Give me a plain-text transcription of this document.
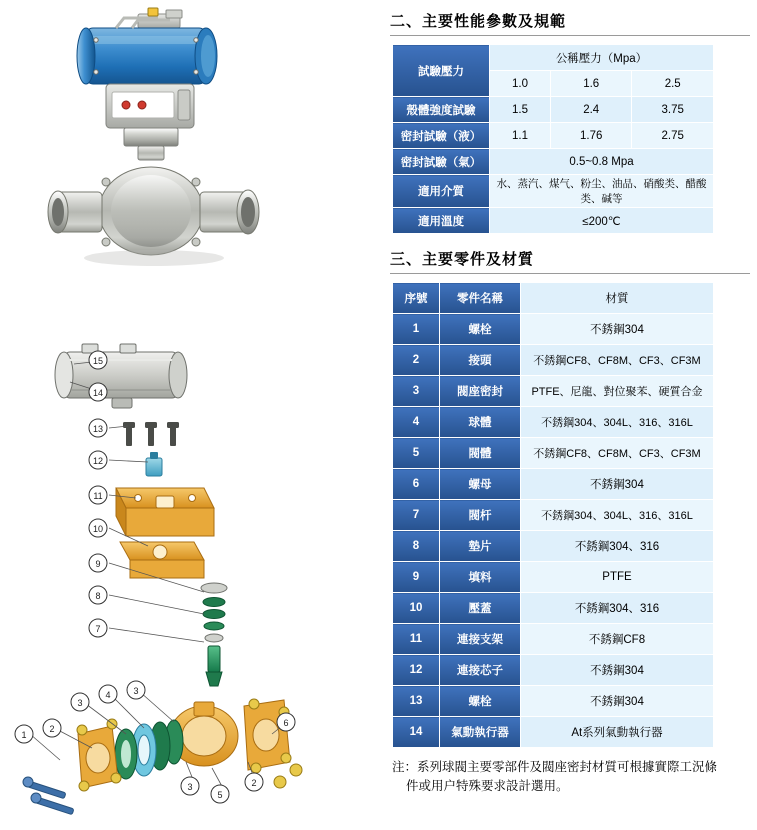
15
14
13
12
11
10
9
8
7
1
2
3
4	3
3
5
2
6
二、主要性能參數及規範
試驗壓力	公稱壓力（Mpa）		
	1.0	1.6	2.5
殼體強度試驗	1.5	2.4	3.75
密封試驗（液）	1.1	1.76	2.75
密封試驗（氣）	0.5~0.8 Mpa		
適用介質	水、蒸汽、煤气、粉尘、油品、硝酸类、醋酸类、碱等		
適用溫度	≤200℃		
三、主要零件及材質
序號	零件名稱	材質
1	螺栓	不銹鋼304
2	接頭	不銹鋼CF8、CF8M、CF3、CF3M
3	閥座密封	PTFE、尼龍、對位聚苯、硬質合金
4	球體	不銹鋼304、304L、316、316L
5	閥體	不銹鋼CF8、CF8M、CF3、CF3M
6	螺母	不銹鋼304
7	閥杆	不銹鋼304、304L、316、316L
8	墊片	不銹鋼304、316
9	填料	PTFE
10	壓蓋	不銹鋼304、316
11	連接支架	不銹鋼CF8
12	連接芯子	不銹鋼304
13	螺栓	不銹鋼304
14	氣動執行器	At系列氣動執行器
注：系列球閥主要零部件及閥座密封材質可根據實際工況條
件或用户特殊要求設計選用。
